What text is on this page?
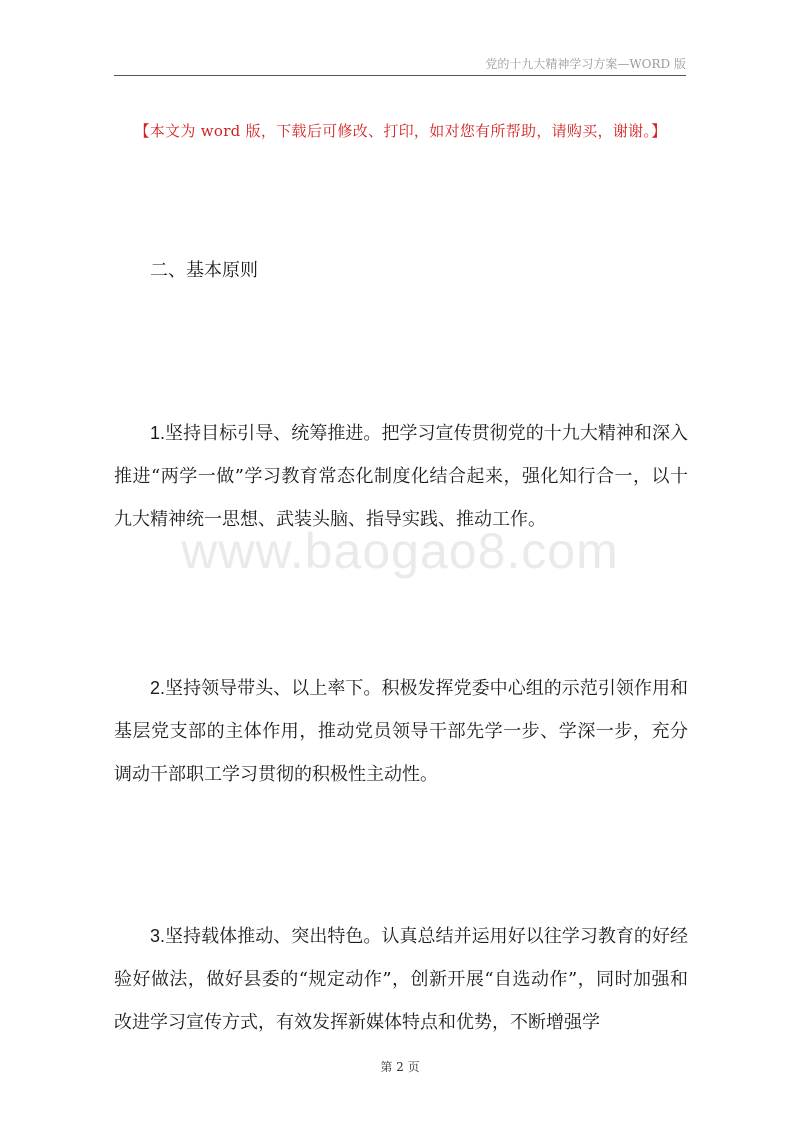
党的十九大精神学习方案—WORD 版
【本文为 word 版，下载后可修改、打印，如对您有所帮助，请购买，谢谢。】
二、基本原则
1.坚持目标引导、统筹推进。把学习宣传贯彻党的十九大精神和深入推进“两学一做”学习教育常态化制度化结合起来，强化知行合一，以十九大精神统一思想、武装头脑、指导实践、推动工作。
www.baogao8.com
2.坚持领导带头、以上率下。积极发挥党委中心组的示范引领作用和基层党支部的主体作用，推动党员领导干部先学一步、学深一步，充分调动干部职工学习贯彻的积极性主动性。
3.坚持载体推动、突出特色。认真总结并运用好以往学习教育的好经验好做法，做好县委的“规定动作”，创新开展“自选动作”，同时加强和改进学习宣传方式，有效发挥新媒体特点和优势，不断增强学
第 2 页
